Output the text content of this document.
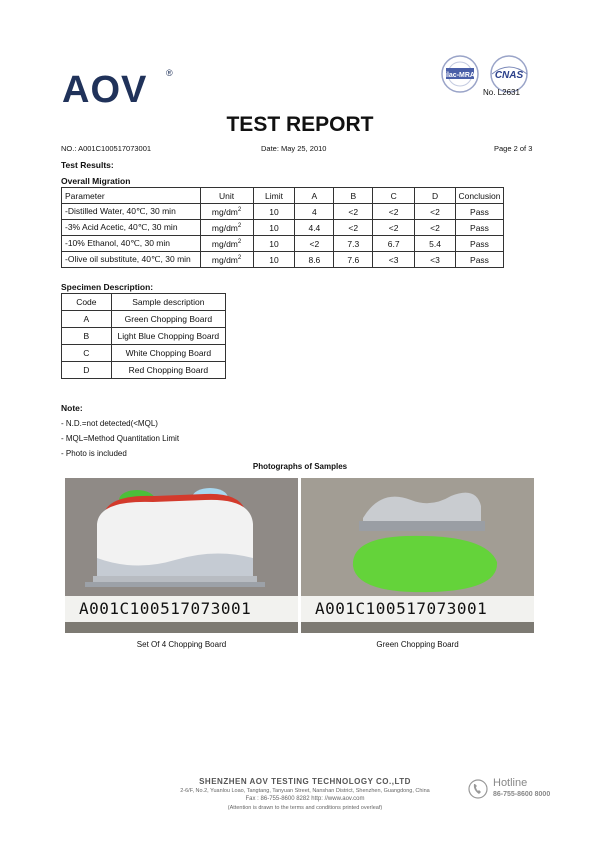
AOV	®	ilac-MRA CNAS
No. L2631
TEST REPORT
NO.: A001C100517073001	Date: May 25, 2010	Page 2 of 3
Test Results:
Overall Migration
Parameter	Unit	Limit	A	B	C	D	Conclusion
-Distilled Water, 40℃, 30 min	$mg/dm^2$	10	4	<2	<2	<2	Pass
-3% Acid Acetic, 40℃, 30 min	$mg/dm^2$	10	4.4	<2	<2	<2	Pass
-10% Ethanol, 40℃, 30 min	$mg/dm^2$	10	<2	7.3	6.7	5.4	Pass
-Olive oil substitute, 40℃, 30 min	$mg/dm^2$	10	8.6	7.6	<3	<3	Pass
Specimen Description:
Code	Sample description
A	Green Chopping Board
B	Light Blue Chopping Board
C	White Chopping Board
D	Red Chopping Board
Note:
- N.D.=not detected(<MQL)
- MQL=Method Quantitation Limit
- Photo is included
Photographs of Samples
A001C100517073001
Set Of 4 Chopping Board
A001C100517073001
Green Chopping Board
SHENZHEN AOV TESTING TECHNOLOGY CO.,LTD
2-6/F, No.2, Yuanlou Loao, Tangtang, Tanyuan Street, Nanshan District, Shenzhen, Guangdong, China
Fax : 86-755-8600 8282 http: //www.aov.com
(Attention is drawn to the terms and conditions printed overleaf)
Hotline
86-755-8600 8000
